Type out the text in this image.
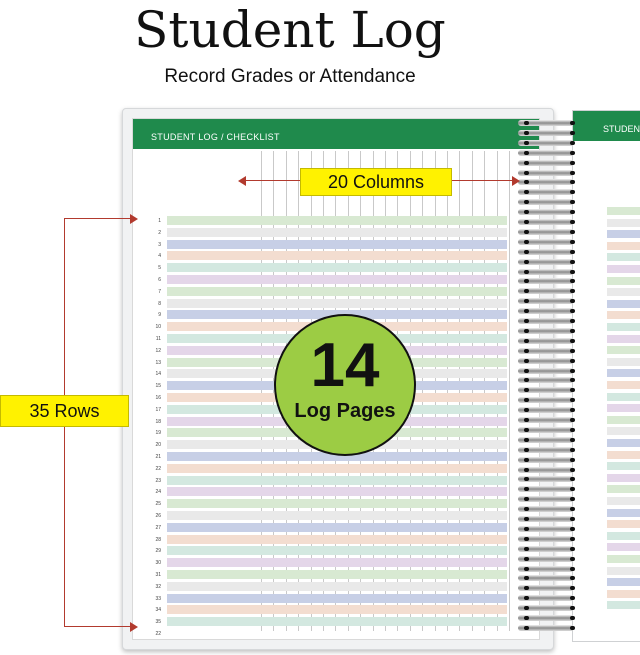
Student Log
Record Grades or Attendance
STUDEN
STUDENT LOG / CHECKLIST
1
2
3
4
5
6
7
8
9
10
11
12
13
14
15
16
17
18
19
20
21
22
23
24
25
26
27
28
29
30
31
32
33
34
35
22
20 Columns
35 Rows
14
Log Pages
